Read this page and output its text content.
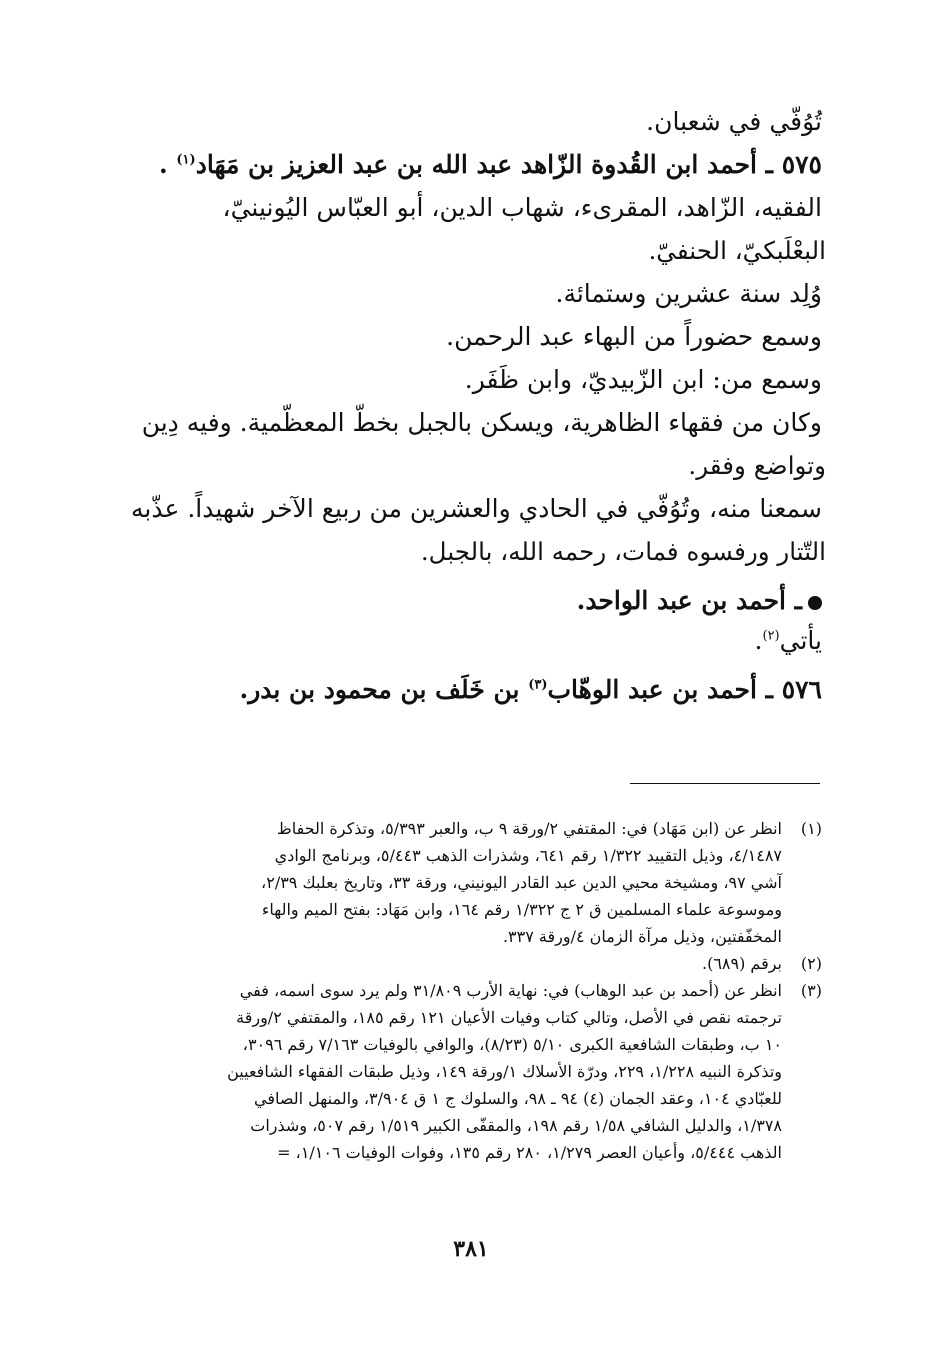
تُوُفّي في شعبان.
٥٧٥ ـ أحمد ابن القُدوة الزّاهد عبد الله بن عبد العزيز بن مَهَاد$^{(١)}$ .
الفقيه، الزّاهد، المقرىء، شهاب الدين، أبو العبّاس اليُونينيّ،
البعْلَبكيّ، الحنفيّ.
وُلِد سنة عشرين وستمائة.
وسمع حضوراً من البهاء عبد الرحمن.
وسمع من: ابن الزّبيديّ، وابن ظَفَر.
وكان من فقهاء الظاهرية، ويسكن بالجبل بخطّ المعظّمية. وفيه دِين
وتواضع وفقر.
سمعنا منه، وتُوُفّي في الحادي والعشرين من ربيع الآخر شهيداً. عذّبه
التّتار ورفسوه فمات، رحمه الله، بالجبل.
ـ أحمد بن عبد الواحد.
يأتي$^{(٢)}$.
٥٧٦ ـ أحمد بن عبد الوهّاب$^{(٣)}$ بن خَلَف بن محمود بن بدر.
(١)
انظر عن (ابن مَهَاد) في: المقتفي ٢/ورقة ٩ ب، والعبر ٥/٣٩٣، وتذكرة الحفاظ
٤/١٤٨٧، وذيل التقييد ١/٣٢٢ رقم ٦٤١، وشذرات الذهب ٥/٤٤٣، وبرنامج الوادي
آشي ٩٧، ومشيخة محيي الدين عبد القادر اليونيني، ورقة ٣٣، وتاريخ بعلبك ٢/٣٩،
وموسوعة علماء المسلمين ق ٢ ج ١/٣٢٢ رقم ١٦٤، وابن مَهَاد: بفتح الميم والهاء
المخفّفتين، وذيل مرآة الزمان ٤/ورقة ٣٣٧.
(٢)
برقم (٦٨٩).
(٣)
انظر عن (أحمد بن عبد الوهاب) في: نهاية الأرب ٣١/٨٠٩ ولم يرد سوى اسمه، ففي
ترجمته نقص في الأصل، وتالي كتاب وفيات الأعيان ١٢١ رقم ١٨٥، والمقتفي ٢/ورقة
١٠ ب، وطبقات الشافعية الكبرى ٥/١٠ (٨/٢٣)، والوافي بالوفيات ٧/١٦٣ رقم ٣٠٩٦،
وتذكرة النبيه ١/٢٢٨، ٢٢٩، ودرّة الأسلاك ١/ورقة ١٤٩، وذيل طبقات الفقهاء الشافعيين
للعبّادي ١٠٤، وعقد الجمان (٤) ٩٤ ـ ٩٨، والسلوك ج ١ ق ٣/٩٠٤، والمنهل الصافي
١/٣٧٨، والدليل الشافي ١/٥٨ رقم ١٩٨، والمقفّى الكبير ١/٥١٩ رقم ٥٠٧، وشذرات
الذهب ٥/٤٤٤، وأعيان العصر ١/٢٧٩، ٢٨٠ رقم ١٣٥، وفوات الوفيات ١/١٠٦، =
٣٨١
